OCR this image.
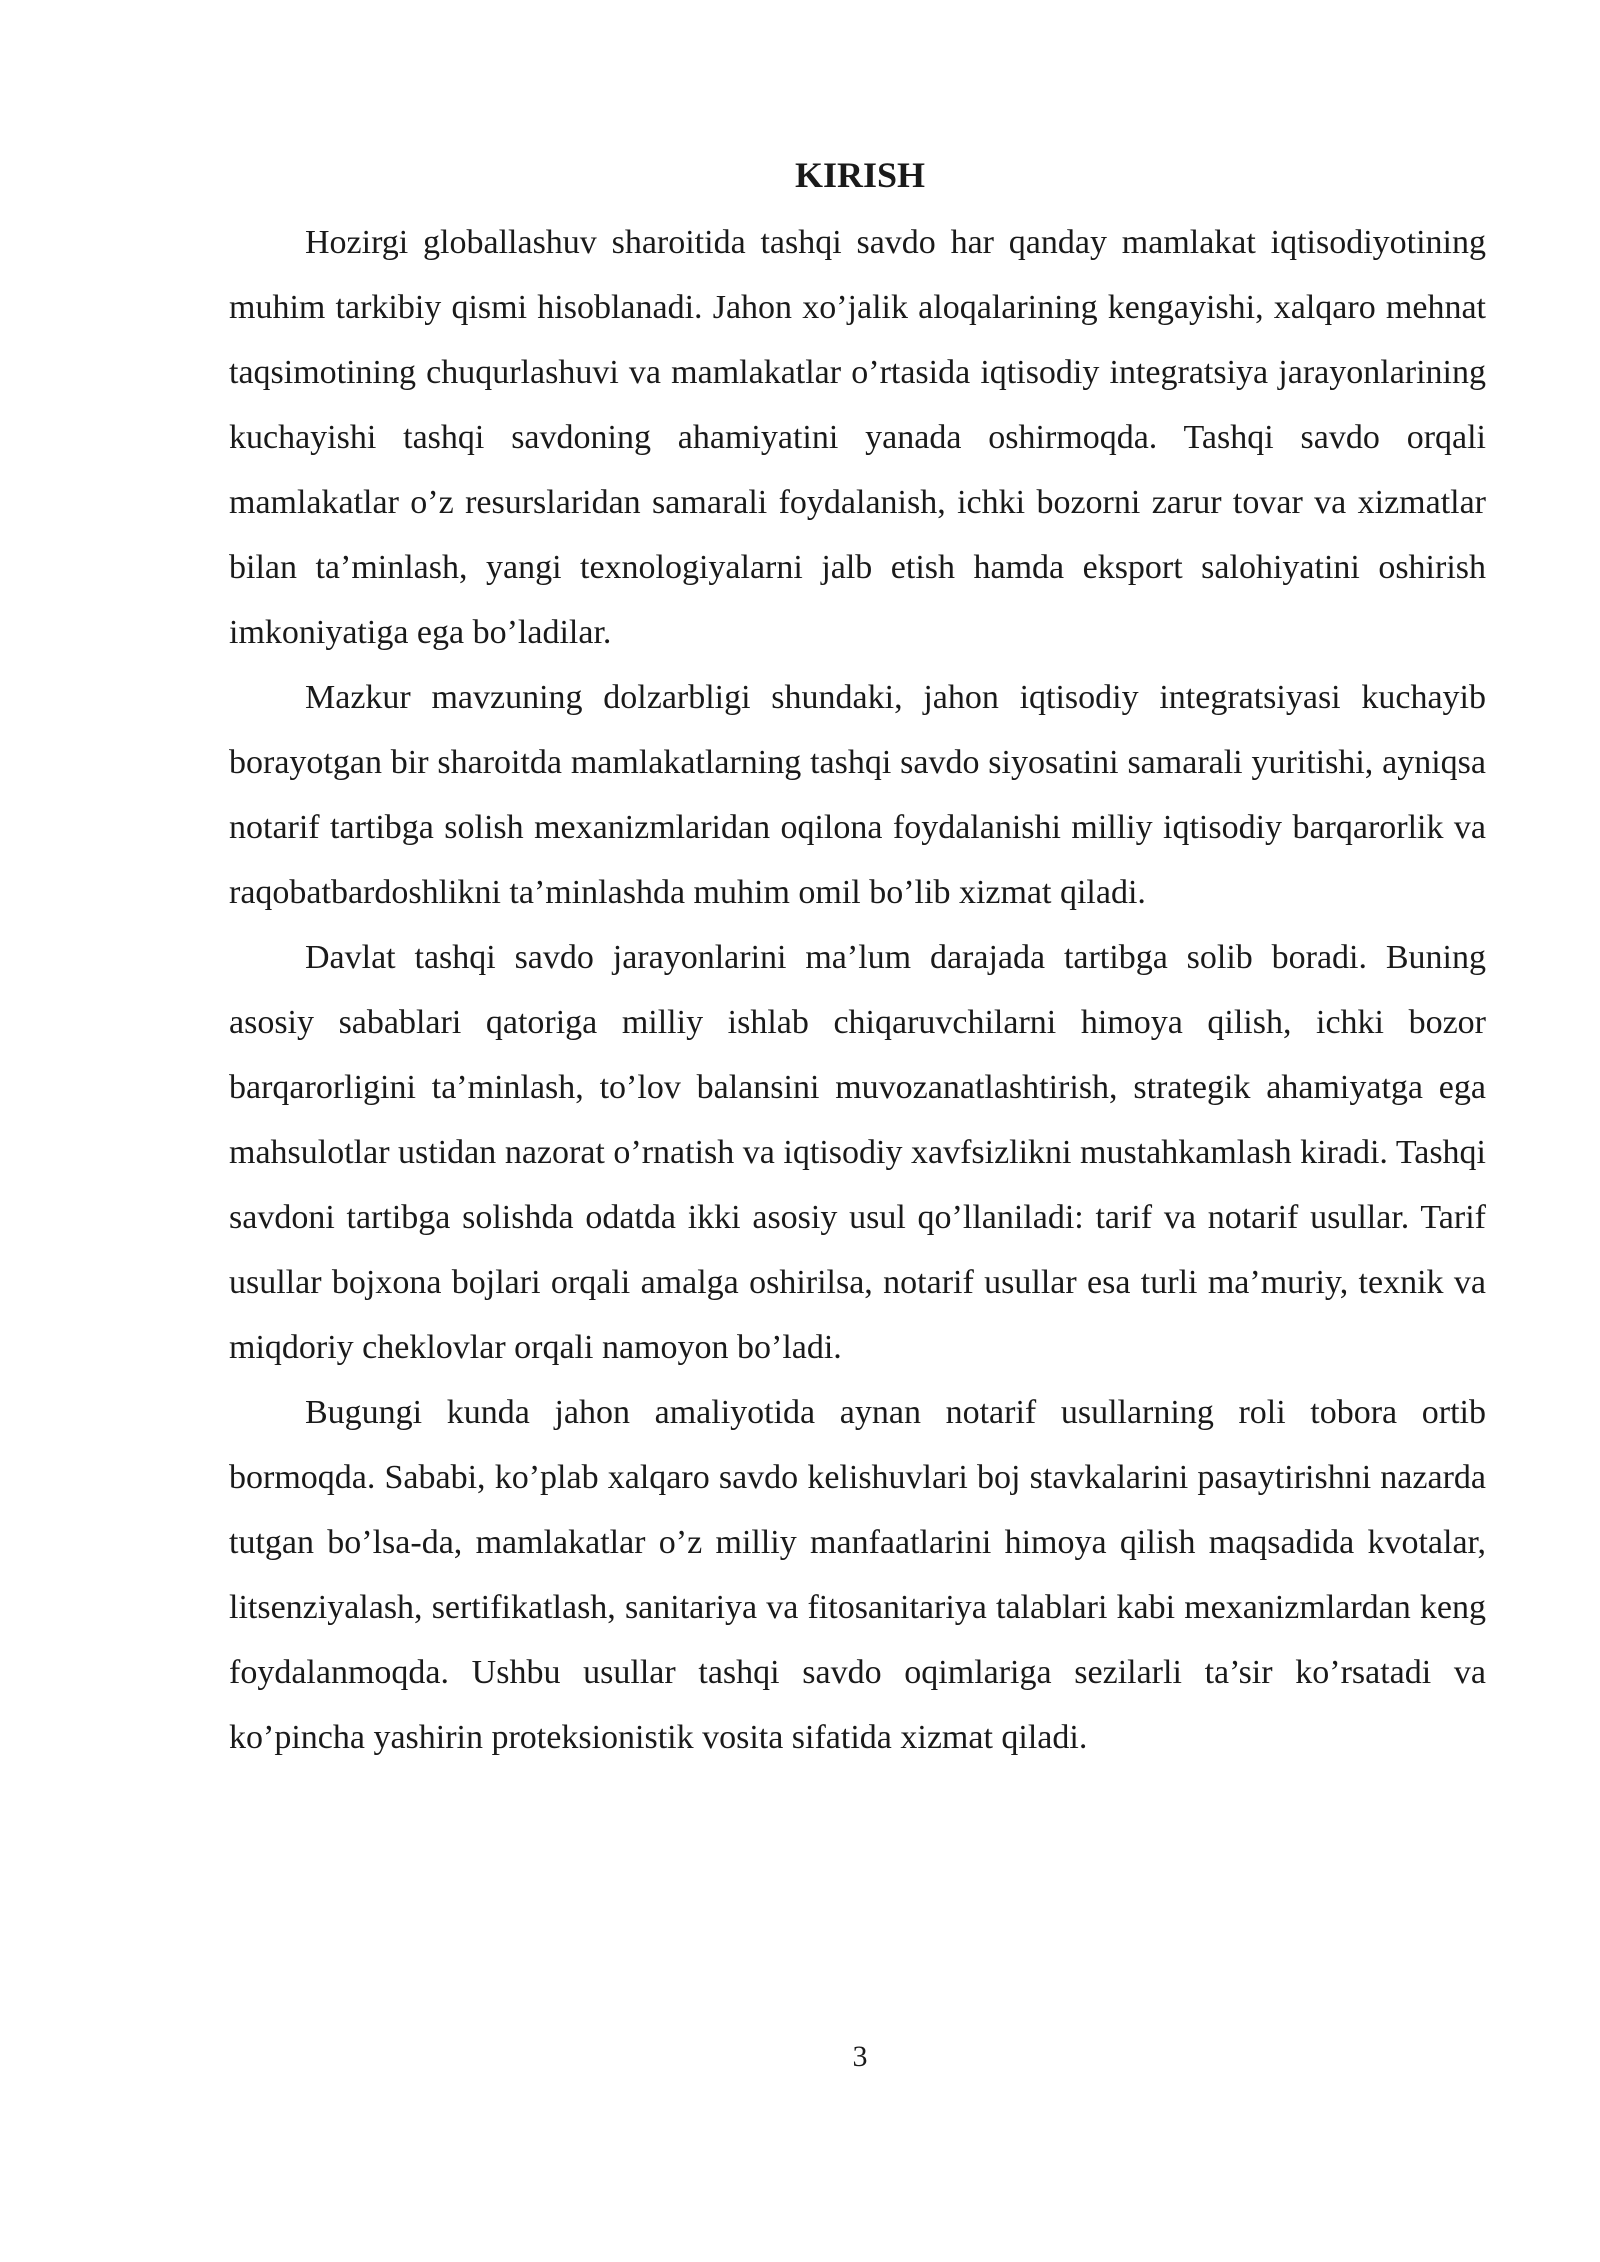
KIRISH

Hozirgi globallashuv sharoitida tashqi savdo har qanday mamlakat iqtisodiyotining muhim tarkibiy qismi hisoblanadi. Jahon xo’jalik aloqalarining kengayishi, xalqaro mehnat taqsimotining chuqurlashuvi va mamlakatlar o’rtasida iqtisodiy integratsiya jarayonlarining kuchayishi tashqi savdoning ahamiyatini yanada oshirmoqda. Tashqi savdo orqali mamlakatlar o’z resurslaridan samarali foydalanish, ichki bozorni zarur tovar va xizmatlar bilan ta’minlash, yangi texnologiyalarni jalb etish hamda eksport salohiyatini oshirish imkoniyatiga ega bo’ladilar.

Mazkur mavzuning dolzarbligi shundaki, jahon iqtisodiy integratsiyasi kuchayib borayotgan bir sharoitda mamlakatlarning tashqi savdo siyosatini samarali yuritishi, ayniqsa notarif tartibga solish mexanizmlaridan oqilona foydalanishi milliy iqtisodiy barqarorlik va raqobatbardoshlikni ta’minlashda muhim omil bo’lib xizmat qiladi.

Davlat tashqi savdo jarayonlarini ma’lum darajada tartibga solib boradi. Buning asosiy sabablari qatoriga milliy ishlab chiqaruvchilarni himoya qilish, ichki bozor barqarorligini ta’minlash, to’lov balansini muvozanatlashtirish, strategik ahamiyatga ega mahsulotlar ustidan nazorat o’rnatish va iqtisodiy xavfsizlikni mustahkamlash kiradi. Tashqi savdoni tartibga solishda odatda ikki asosiy usul qo’llaniladi: tarif va notarif usullar. Tarif usullar bojxona bojlari orqali amalga oshirilsa, notarif usullar esa turli ma’muriy, texnik va miqdoriy cheklovlar orqali namoyon bo’ladi.

Bugungi kunda jahon amaliyotida aynan notarif usullarning roli tobora ortib bormoqda. Sababi, ko’plab xalqaro savdo kelishuvlari boj stavkalarini pasaytirishni nazarda tutgan bo’lsa-da, mamlakatlar o’z milliy manfaatlarini himoya qilish maqsadida kvotalar, litsenziyalash, sertifikatlash, sanitariya va fitosanitariya talablari kabi mexanizmlardan keng foydalanmoqda. Ushbu usullar tashqi savdo oqimlariga sezilarli ta’sir ko’rsatadi va ko’pincha yashirin proteksionistik vosita sifatida xizmat qiladi.

3
